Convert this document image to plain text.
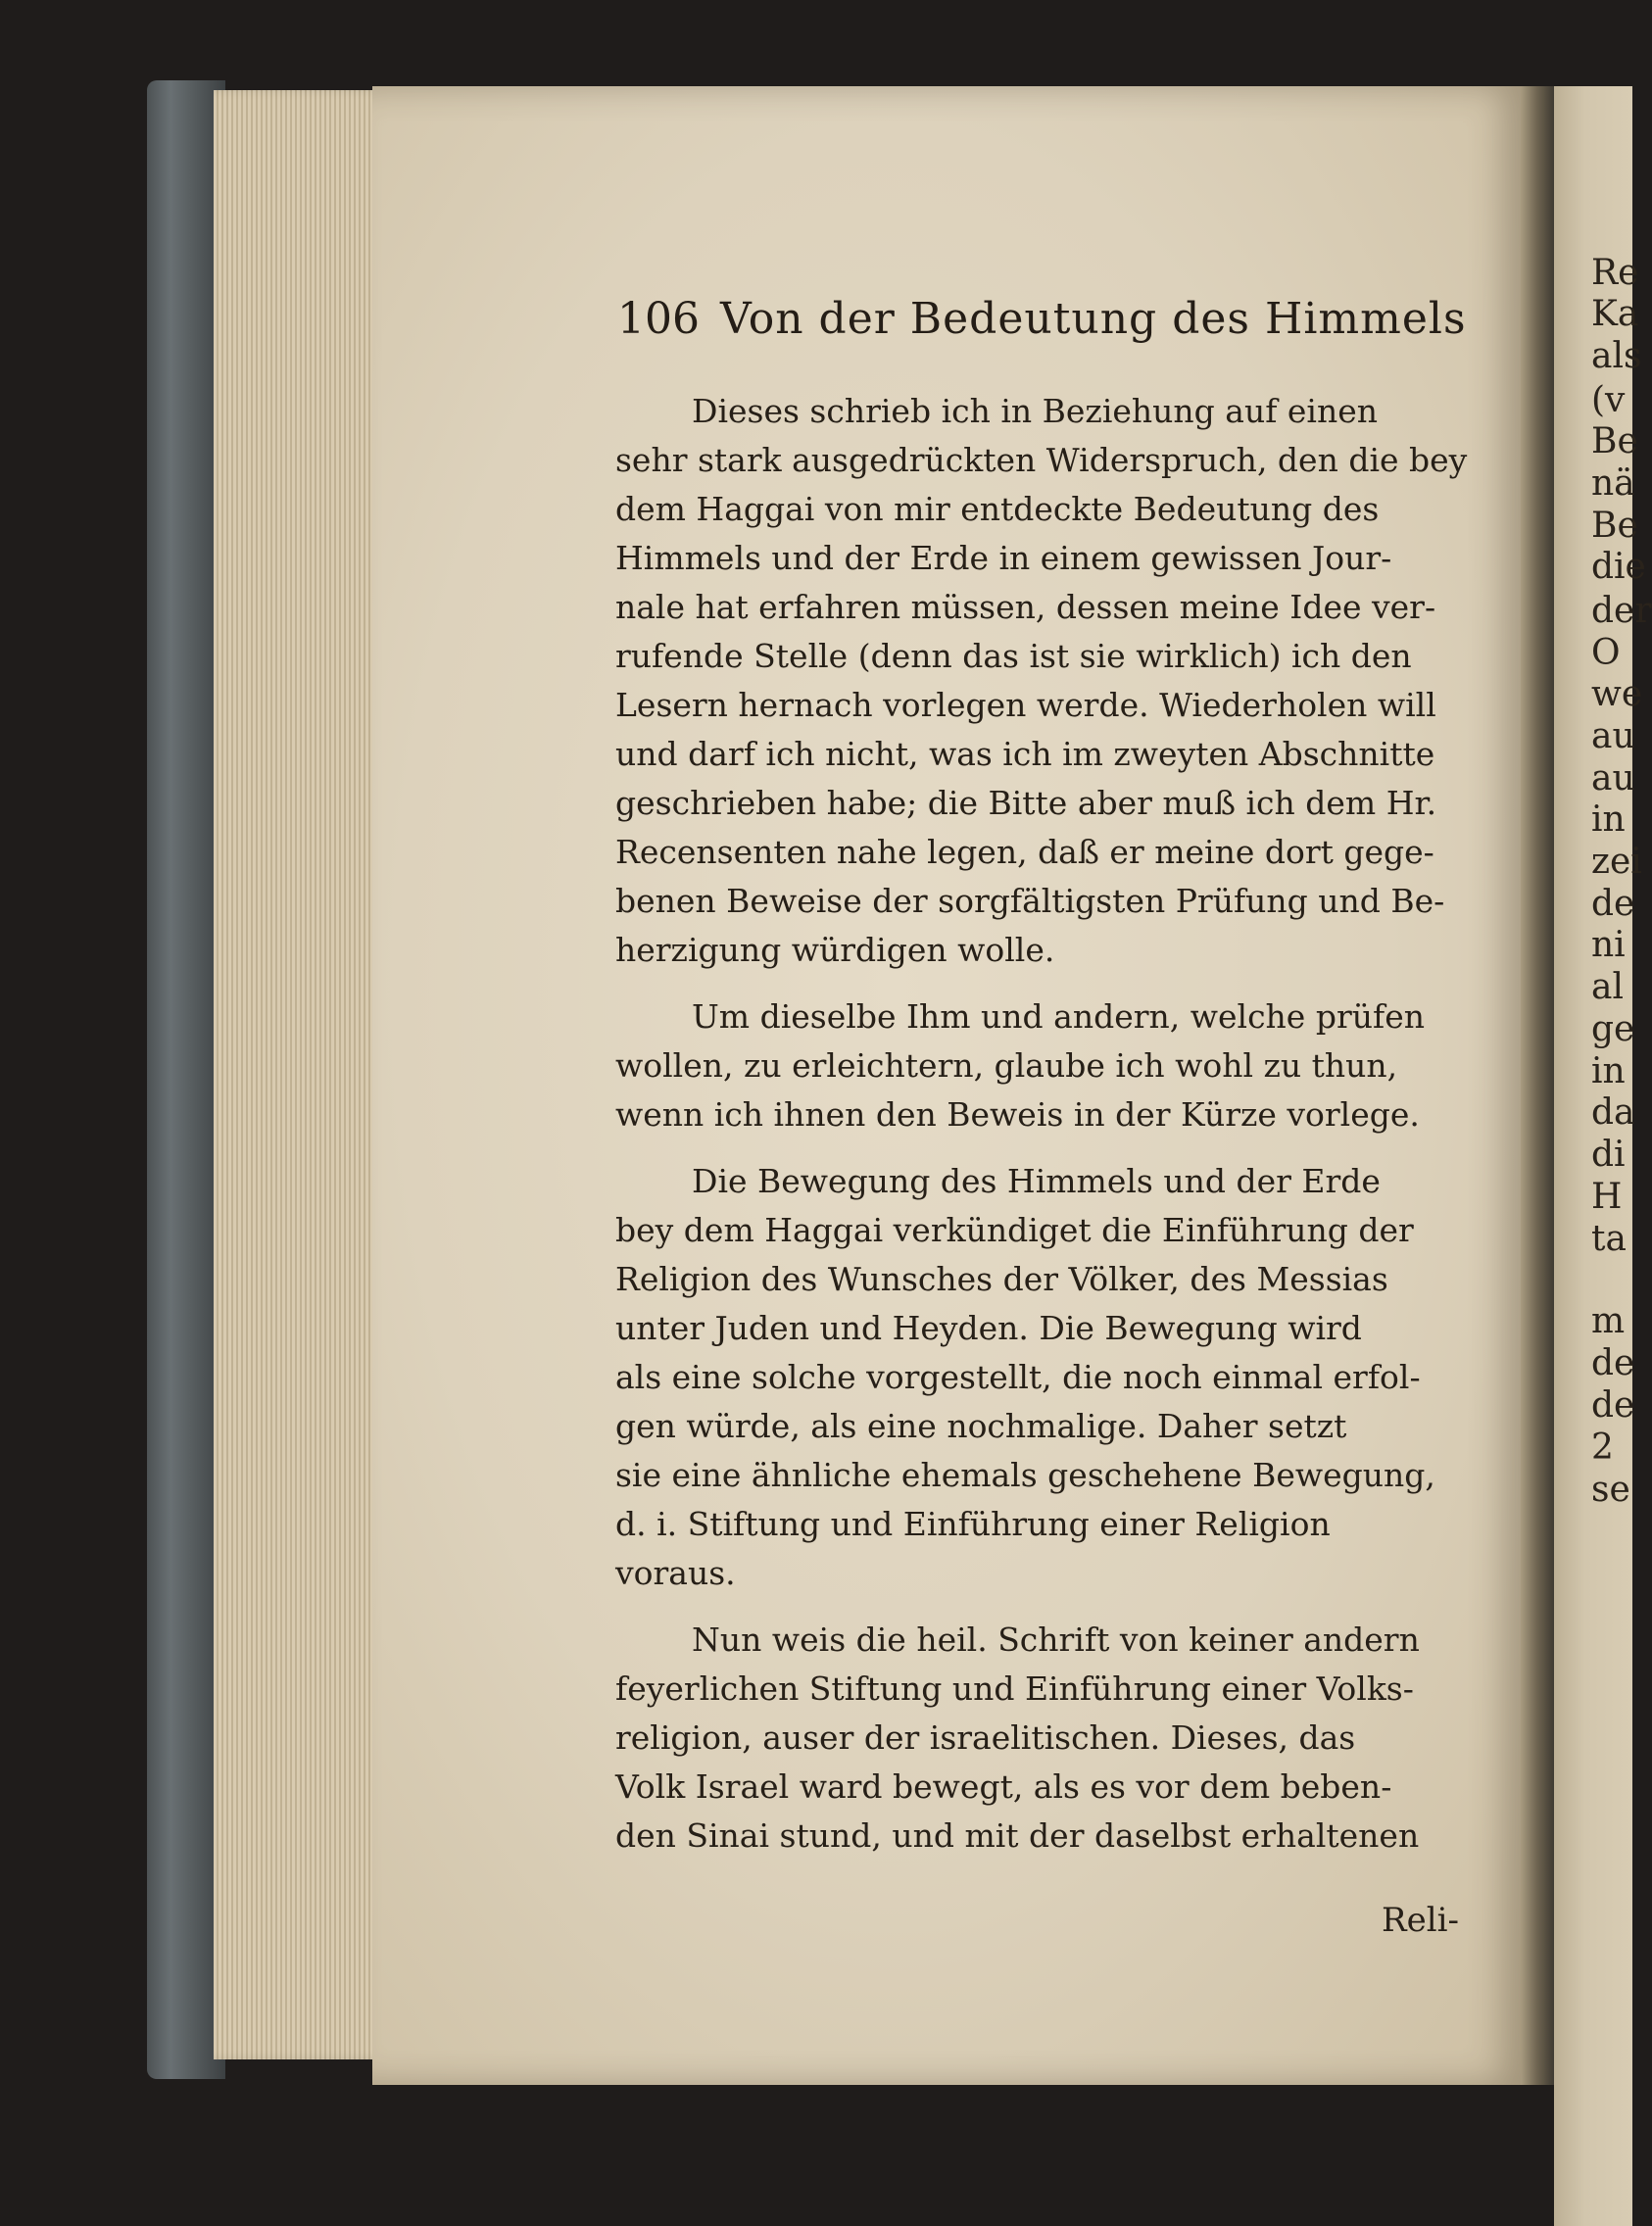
Re
Ka
als
(v
Be
nä
Be
die
der
O
we
au
au
in
zei
de
ni
al
ge
in
da
di
H
ta
m
de
de
2
se
106 Von der Bedeutung des Himmels
Dieses schrieb ich in Beziehung auf einen
sehr stark ausgedrückten Widerspruch, den die bey
dem Haggai von mir entdeckte Bedeutung des
Himmels und der Erde in einem gewissen Jour-
nale hat erfahren müssen, dessen meine Idee ver-
rufende Stelle (denn das ist sie wirklich) ich den
Lesern hernach vorlegen werde. Wiederholen will
und darf ich nicht, was ich im zweyten Abschnitte
geschrieben habe; die Bitte aber muß ich dem Hr.
Recensenten nahe legen, daß er meine dort gege-
benen Beweise der sorgfältigsten Prüfung und Be-
herzigung würdigen wolle.
Um dieselbe Ihm und andern, welche prüfen
wollen, zu erleichtern, glaube ich wohl zu thun,
wenn ich ihnen den Beweis in der Kürze vorlege.
Die Bewegung des Himmels und der Erde
bey dem Haggai verkündiget die Einführung der
Religion des Wunsches der Völker, des Messias
unter Juden und Heyden. Die Bewegung wird
als eine solche vorgestellt, die noch einmal erfol-
gen würde, als eine nochmalige. Daher setzt
sie eine ähnliche ehemals geschehene Bewegung,
d. i. Stiftung und Einführung einer Religion
voraus.
Nun weis die heil. Schrift von keiner andern
feyerlichen Stiftung und Einführung einer Volks-
religion, auser der israelitischen. Dieses, das
Volk Israel ward bewegt, als es vor dem beben-
den Sinai stund, und mit der daselbst erhaltenen
Reli-
